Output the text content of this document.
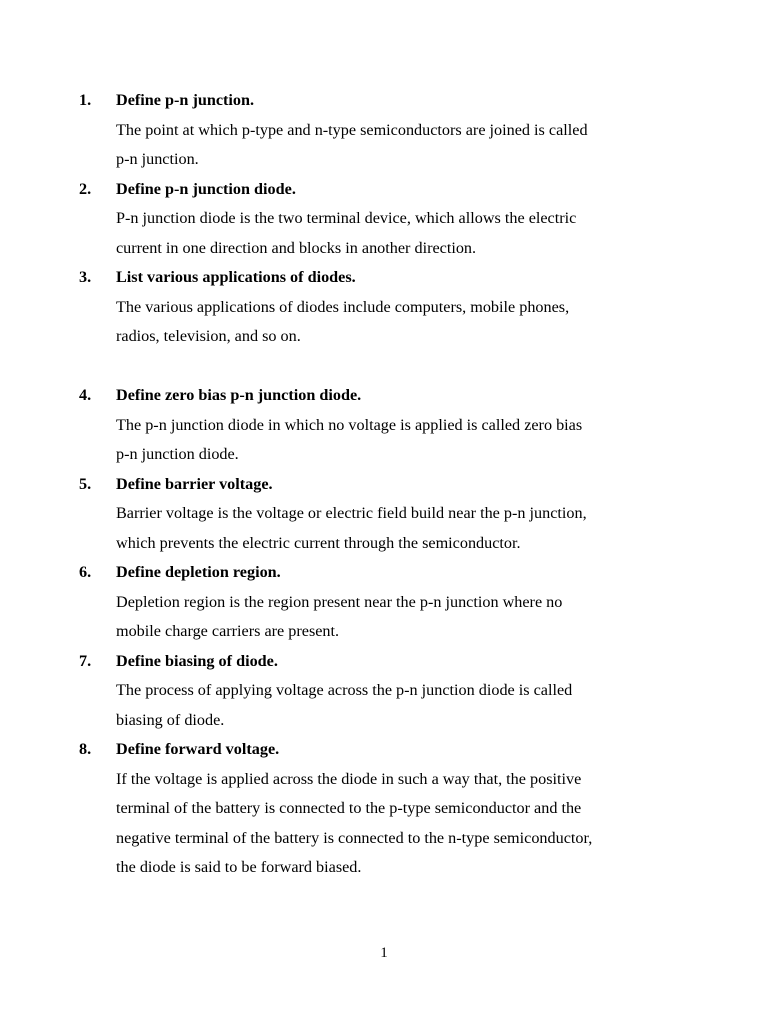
1. Define p-n junction.
The point at which p-type and n-type semiconductors are joined is called
p-n junction.
2. Define p-n junction diode.
P-n junction diode is the two terminal device, which allows the electric
current in one direction and blocks in another direction.
3. List various applications of diodes.
The various applications of diodes include computers, mobile phones,
radios, television, and so on.
4. Define zero bias p-n junction diode.
The p-n junction diode in which no voltage is applied is called zero bias
p-n junction diode.
5. Define barrier voltage.
Barrier voltage is the voltage or electric field build near the p-n junction,
which prevents the electric current through the semiconductor.
6. Define depletion region.
Depletion region is the region present near the p-n junction where no
mobile charge carriers are present.
7. Define biasing of diode.
The process of applying voltage across the p-n junction diode is called
biasing of diode.
8. Define forward voltage.
If the voltage is applied across the diode in such a way that, the positive
terminal of the battery is connected to the p-type semiconductor and the
negative terminal of the battery is connected to the n-type semiconductor,
the diode is said to be forward biased.
1
